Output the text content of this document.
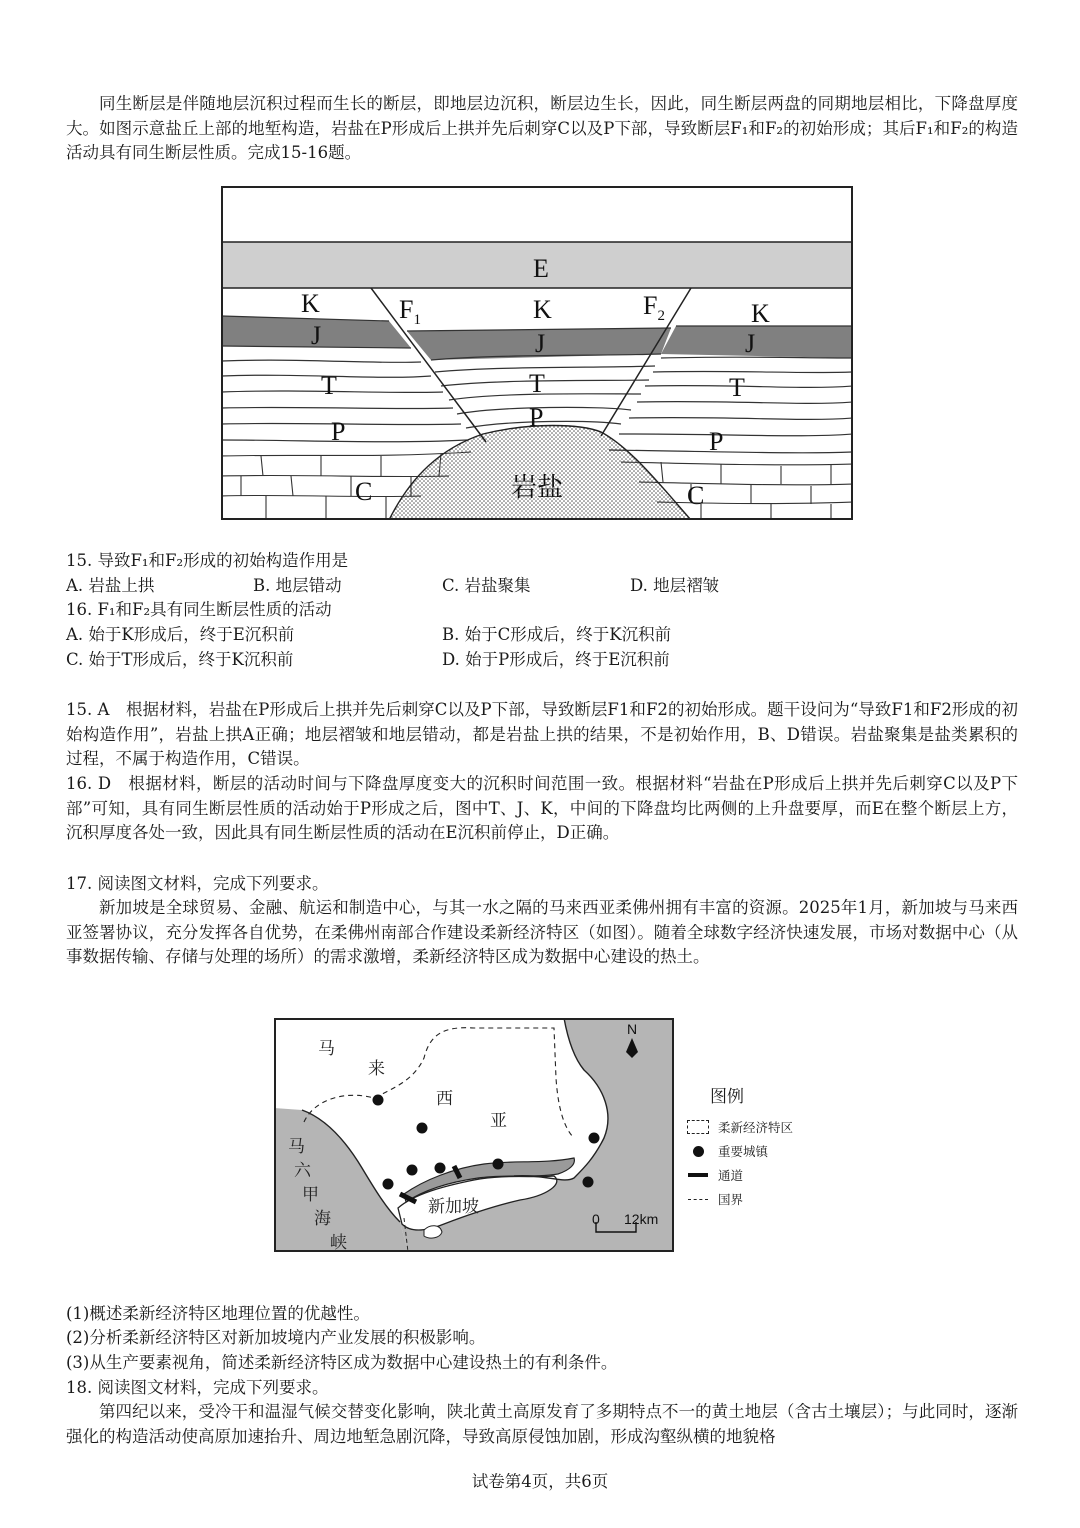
同生断层是伴随地层沉积过程而生长的断层，即地层边沉积，断层边生长，因此，同生断层两盘的同期地层相比，下降盘厚度大。如图示意盐丘上部的地堑构造，岩盐在P形成后上拱并先后刺穿C以及P下部，导致断层F₁和F₂的初始形成；其后F₁和F₂的构造活动具有同生断层性质。完成15-16题。

E
K	K	K
J	J	J
T	T	T
P	P
P
C	C
$F_1$	$F_2$
岩盐
15. 导致F₁和F₂形成的初始构造作用是
A. 岩盐上拱	B. 地层错动	C. 岩盐聚集	D. 地层褶皱
16. F₁和F₂具有同生断层性质的活动
A. 始于K形成后，终于E沉积前	B. 始于C形成后，终于K沉积前
C. 始于T形成后，终于K沉积前	D. 始于P形成后，终于E沉积前

15. A　根据材料，岩盐在P形成后上拱并先后刺穿C以及P下部，导致断层F1和F2的初始形成。题干设问为“导致F1和F2形成的初始构造作用”，岩盐上拱A正确；地层褶皱和地层错动，都是岩盐上拱的结果，不是初始作用，B、D错误。岩盐聚集是盐类累积的过程，不属于构造作用，C错误。

16. D　根据材料，断层的活动时间与下降盘厚度变大的沉积时间范围一致。根据材料“岩盐在P形成后上拱并先后刺穿C以及P下部”可知，具有同生断层性质的活动始于P形成之后，图中T、J、K，中间的下降盘均比两侧的上升盘要厚，而E在整个断层上方，沉积厚度各处一致，因此具有同生断层性质的活动在E沉积前停止，D正确。

17. 阅读图文材料，完成下列要求。

新加坡是全球贸易、金融、航运和制造中心，与其一水之隔的马来西亚柔佛州拥有丰富的资源。2025年1月，新加坡与马来西亚签署协议，充分发挥各自优势，在柔佛州南部合作建设柔新经济特区（如图）。随着全球数字经济快速发展，市场对数据中心（从事数据传输、存储与处理的场所）的需求激增，柔新经济特区成为数据中心建设的热土。

N
0 12km
马
来
西
亚
马
六
甲
海
峡
新加坡
图例
柔新经济特区
重要城镇
通道
国界
(1)概述柔新经济特区地理位置的优越性。
(2)分析柔新经济特区对新加坡境内产业发展的积极影响。
(3)从生产要素视角，简述柔新经济特区成为数据中心建设热土的有利条件。
18. 阅读图文材料，完成下列要求。

第四纪以来，受冷干和温湿气候交替变化影响，陕北黄土高原发育了多期特点不一的黄土地层（含古土壤层）；与此同时，逐渐强化的构造活动使高原加速抬升、周边地堑急剧沉降，导致高原侵蚀加剧，形成沟壑纵横的地貌格

试卷第4页，共6页
